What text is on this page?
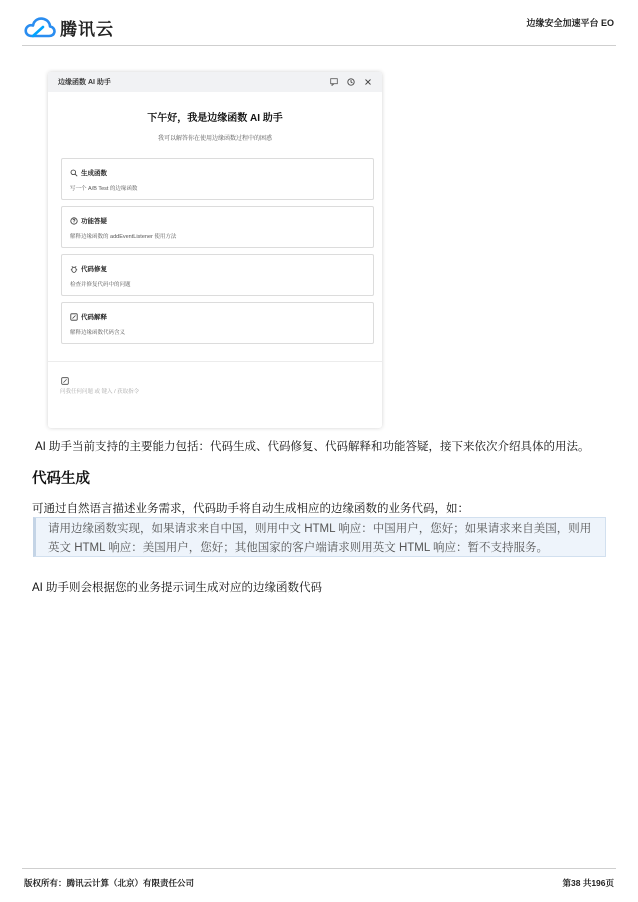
腾讯云	边缘安全加速平台 EO
边缘函数 AI 助手
下午好，我是边缘函数 AI 助手
我可以解答你在使用边缘函数过程中的困惑
生成函数
写一个 A/B Test 的边缘函数
功能答疑
解释边缘函数的 addEventListener 使用方法
代码修复
检查并修复代码中的问题
代码解释
解释边缘函数代码含义
问我任何问题 或 键入 / 获取指令
AI 助手当前支持的主要能力包括：代码生成、代码修复、代码解释和功能答疑，接下来依次介绍具体的用法。
代码生成
可通过自然语言描述业务需求，代码助手将自动生成相应的边缘函数的业务代码，如：
请用边缘函数实现，如果请求来自中国，则用中文 HTML 响应：中国用户，您好；如果请求来自美国，则用
英文 HTML 响应：美国用户，您好；其他国家的客户端请求则用英文 HTML 响应：暂不支持服务。
AI 助手则会根据您的业务提示词生成对应的边缘函数代码
版权所有：腾讯云计算（北京）有限责任公司	第38 共196页
